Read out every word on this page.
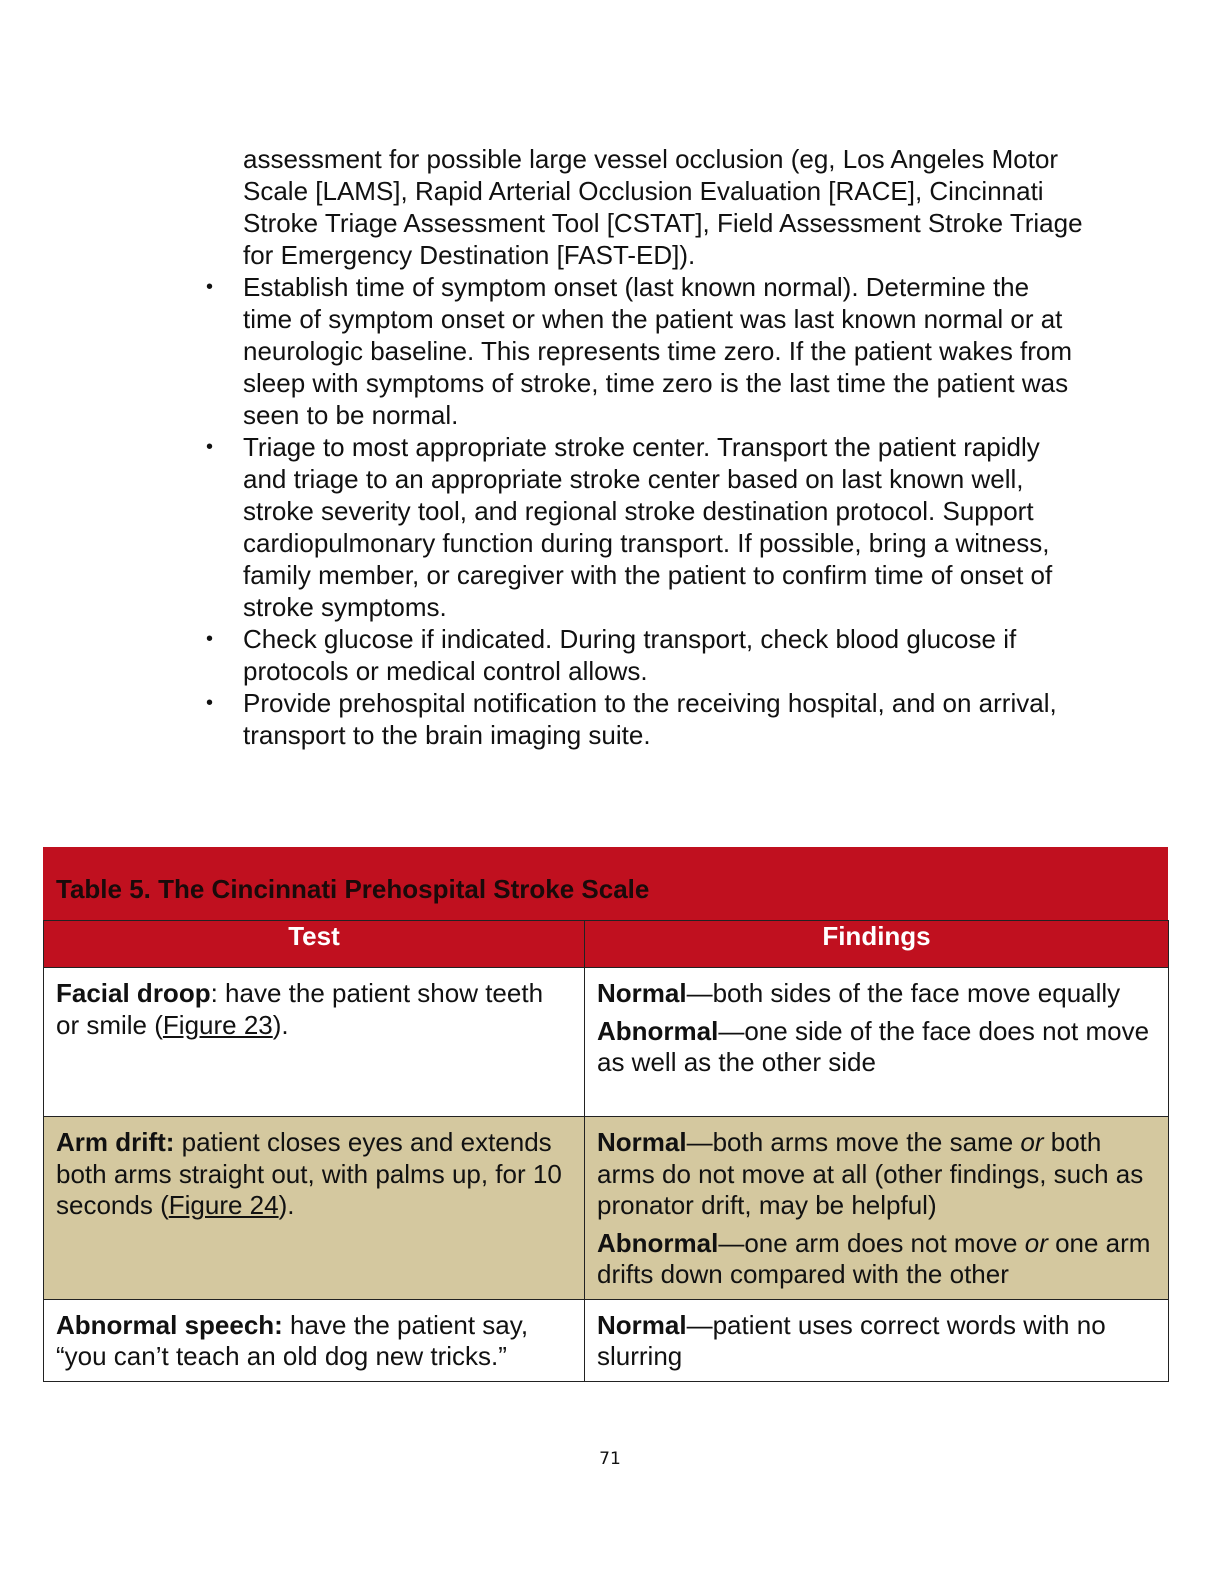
assessment for possible large vessel occlusion (eg, Los Angeles Motor Scale [LAMS], Rapid Arterial Occlusion Evaluation [RACE], Cincinnati Stroke Triage Assessment Tool [CSTAT], Field Assessment Stroke Triage for Emergency Destination [FAST-ED]).

• Establish time of symptom onset (last known normal). Determine the time of symptom onset or when the patient was last known normal or at neurologic baseline. This represents time zero. If the patient wakes from sleep with symptoms of stroke, time zero is the last time the patient was seen to be normal.
• Triage to most appropriate stroke center. Transport the patient rapidly and triage to an appropriate stroke center based on last known well, stroke severity tool, and regional stroke destination protocol. Support cardiopulmonary function during transport. If possible, bring a witness, family member, or caregiver with the patient to confirm time of onset of stroke symptoms.
• Check glucose if indicated. During transport, check blood glucose if protocols or medical control allows.
• Provide prehospital notification to the receiving hospital, and on arrival, transport to the brain imaging suite.
Table 5. The Cincinnati Prehospital Stroke Scale
Test	Findings
Facial droop: have the patient show teeth or smile (Figure 23).	Normal—both sides of the face move equally
Abnormal—one side of the face does not move as well as the other side

Arm drift: patient closes eyes and extends both arms straight out, with palms up, for 10 seconds (Figure 24).	Normal—both arms move the same or both arms do not move at all (other findings, such as pronator drift, may be helpful)
Abnormal—one arm does not move or one arm drifts down compared with the other

Abnormal speech: have the patient say, “you can’t teach an old dog new tricks.”	Normal—patient uses correct words with no slurring
71
